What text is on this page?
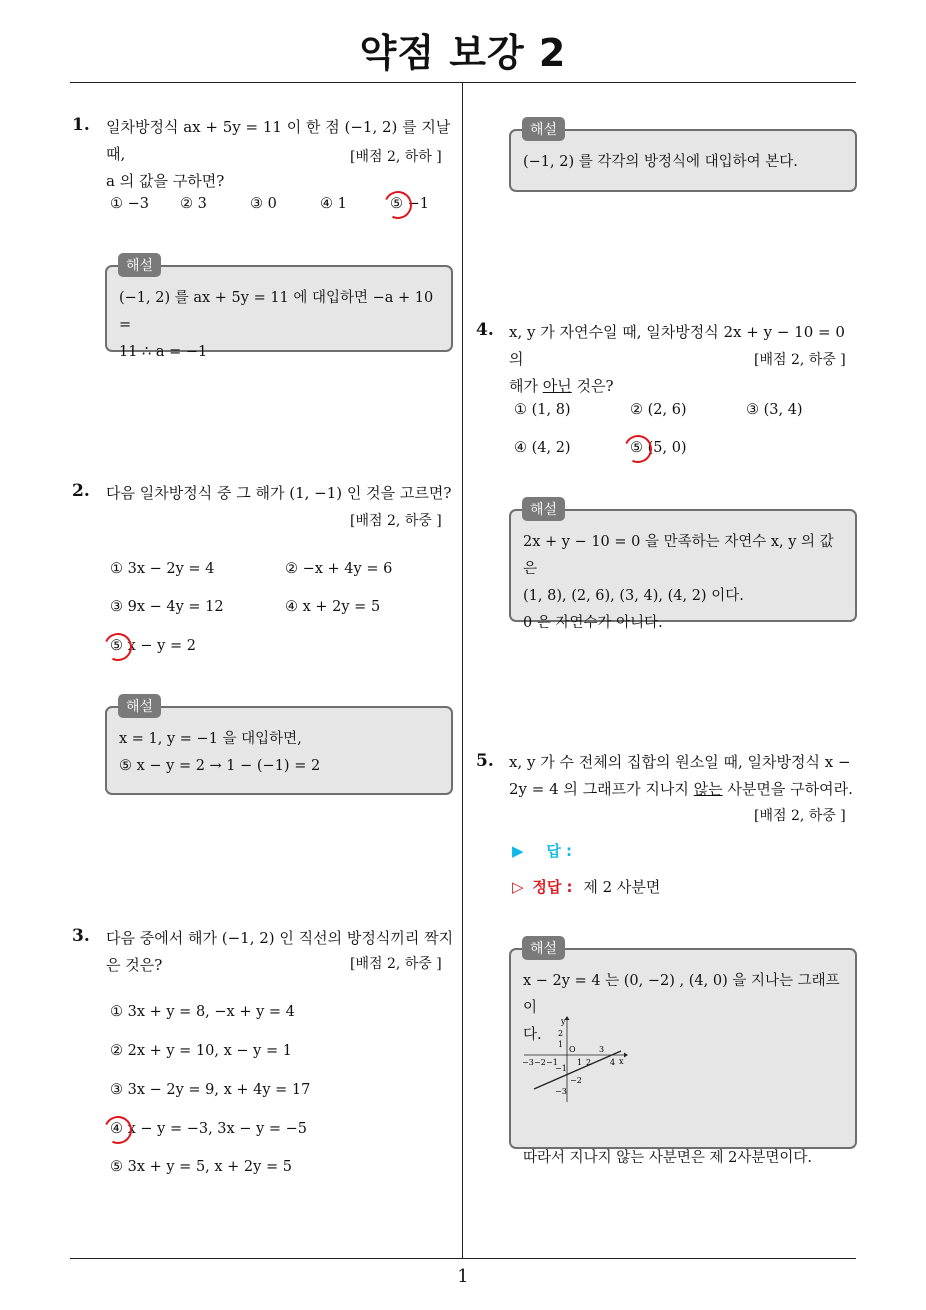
약점 보강 2
1
1. 일차방정식 ax + 5y = 11 이 한 점 (−1, 2) 를 지날 때,
a 의 값을 구하면?
[배점 2, 하하 ]
① −3 ② 3	③ 0	④ 1	⑤ −1
(−1, 2) 를 ax + 5y = 11 에 대입하면 −a + 10 =
11 ∴ a = −1
해설
2. 다음 일차방정식 중 그 해가 (1, −1) 인 것을 고르면?
[배점 2, 하중 ]
① 3x − 2y = 4	② −x + 4y = 6
③ 9x − 4y = 12	④ x + 2y = 5
⑤ x − y = 2
x = 1, y = −1 을 대입하면,
⑤ x − y = 2 → 1 − (−1) = 2
해설
3. 다음 중에서 해가 (−1, 2) 인 직선의 방정식끼리 짝지
은 것은?	[배점 2, 하중 ]
① 3x + y = 8, −x + y = 4
② 2x + y = 10, x − y = 1
③ 3x − 2y = 9, x + 4y = 17
④ x − y = −3, 3x − y = −5
⑤ 3x + y = 5, x + 2y = 5
(−1, 2) 를 각각의 방정식에 대입하여 본다.
해설
4. x, y 가 자연수일 때, 일차방정식 2x + y − 10 = 0 의
해가 아닌 것은?
[배점 2, 하중 ]
① (1, 8)	② (2, 6)	③ (3, 4)
④ (4, 2)	⑤ (5, 0)
2x + y − 10 = 0 을 만족하는 자연수 x, y 의 값은
(1, 8), (2, 6), (3, 4), (4, 2) 이다.
0 은 자연수가 아니다.
해설
5. x, y 가 수 전체의 집합의 원소일 때, 일차방정식 x −
2y = 4 의 그래프가 지나지 않는 사분면을 구하여라.
[배점 2, 하중 ]
▶ 답 :
▷ 정답 : 제 2 사분면
x − 2y = 4 는 (0, −2) , (4, 0) 을 지나는 그래프이
다.
따라서 지나지 않는 사분면은 제 2사분면이다.
해설
y
x
O
−3 −2 −1 1 2
3
4
2
1
−1
−2
−3
